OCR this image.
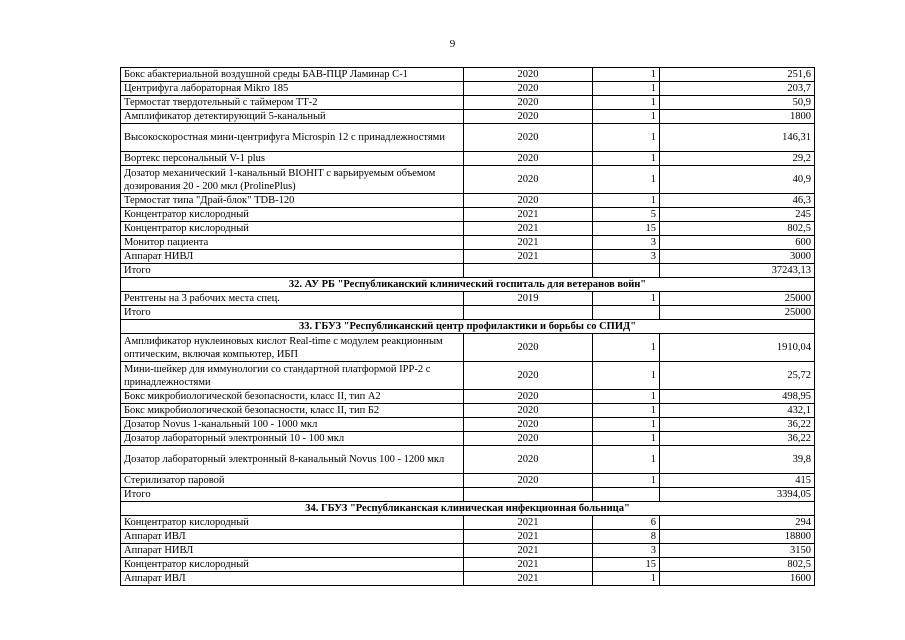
9
Бокс абактериальной воздушной среды БАВ-ПЦР Ламинар С-1	2020	1	251,6
Центрифуга лабораторная Mikro 185	2020	1	203,7
Термостат твердотельный с таймером ТТ-2	2020	1	50,9
Амплификатор детектирующий 5-канальный	2020	1	1800
Высокоскоростная мини-центрифуга Microspin 12 с принадлежностями	2020	1	146,31
Вортекс персональный V-1 plus	2020	1	29,2
Дозатор механический 1-канальный BIOHIT с варьируемым объемом дозирования 20 - 200 мкл (ProlinePlus)	2020	1	40,9
Термостат типа "Драй-блок" TDB-120	2020	1	46,3
Концентратор кислородный	2021	5	245
Концентратор кислородный	2021	15	802,5
Монитор пациента	2021	3	600
Аппарат НИВЛ	2021	3	3000
Итого			37243,13
32. АУ РБ "Республиканский клинический госпиталь для ветеранов войн"			
Рентгены на 3 рабочих места спец.	2019	1	25000
Итого			25000
33. ГБУЗ "Республиканский центр профилактики и борьбы со СПИД"			
Амплификатор нуклеиновых кислот Real-time с модулем реакционным оптическим, включая компьютер, ИБП	2020	1	1910,04
Мини-шейкер для иммунологии со стандартной платформой IPP-2 с принадлежностями	2020	1	25,72
Бокс микробиологической безопасности, класс II, тип А2	2020	1	498,95
Бокс микробиологической безопасности, класс II, тип Б2	2020	1	432,1
Дозатор Novus 1-канальный 100 - 1000 мкл	2020	1	36,22
Дозатор лабораторный электронный 10 - 100 мкл	2020	1	36,22
Дозатор лабораторный электронный 8-канальный Novus 100 - 1200 мкл	2020	1	39,8
Стерилизатор паровой	2020	1	415
Итого			3394,05
34. ГБУЗ "Республиканская клиническая инфекционная больница"			
Концентратор кислородный	2021	6	294
Аппарат ИВЛ	2021	8	18800
Аппарат НИВЛ	2021	3	3150
Концентратор кислородный	2021	15	802,5
Аппарат ИВЛ	2021	1	1600
